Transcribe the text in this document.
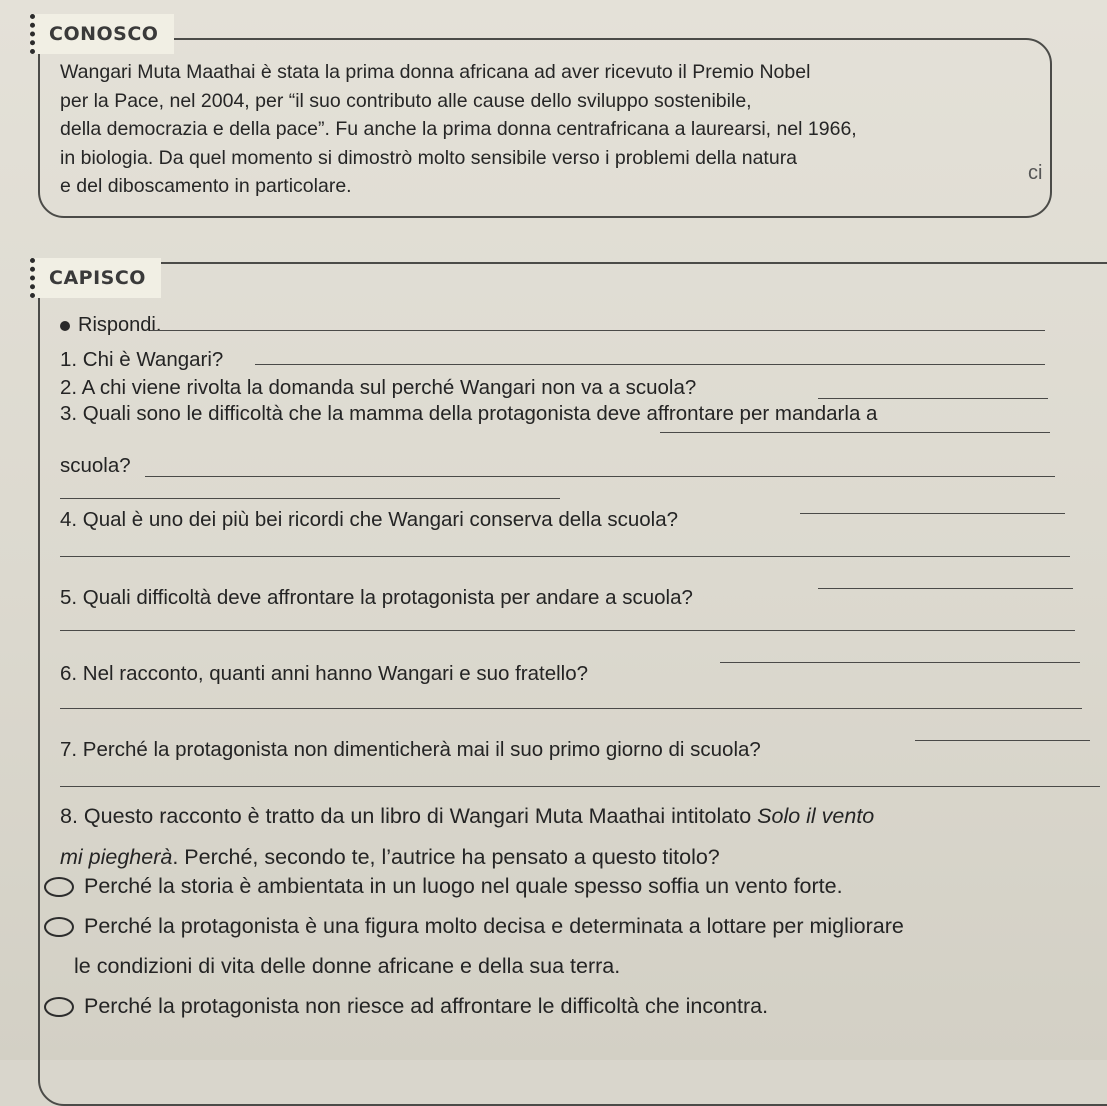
CONOSCO
Wangari Muta Maathai è stata la prima donna africana ad aver ricevuto il Premio Nobel
per la Pace, nel 2004, per “il suo contributo alle cause dello sviluppo sostenibile,
della democrazia e della pace”. Fu anche la prima donna centrafricana a laurearsi, nel 1966,
in biologia. Da quel momento si dimostrò molto sensibile verso i problemi della natura
e del diboscamento in particolare.
ci
CAPISCO
Rispondi.
1. Chi è Wangari?
2. A chi viene rivolta la domanda sul perché Wangari non va a scuola?
3. Quali sono le difficoltà che la mamma della protagonista deve affrontare per mandarla a
scuola?
4. Qual è uno dei più bei ricordi che Wangari conserva della scuola?
5. Quali difficoltà deve affrontare la protagonista per andare a scuola?
6. Nel racconto, quanti anni hanno Wangari e suo fratello?
7. Perché la protagonista non dimenticherà mai il suo primo giorno di scuola?
8. Questo racconto è tratto da un libro di Wangari Muta Maathai intitolato Solo il vento
mi piegherà. Perché, secondo te, l’autrice ha pensato a questo titolo?
Perché la storia è ambientata in un luogo nel quale spesso soffia un vento forte.
Perché la protagonista è una figura molto decisa e determinata a lottare per migliorare
le condizioni di vita delle donne africane e della sua terra.
Perché la protagonista non riesce ad affrontare le difficoltà che incontra.
